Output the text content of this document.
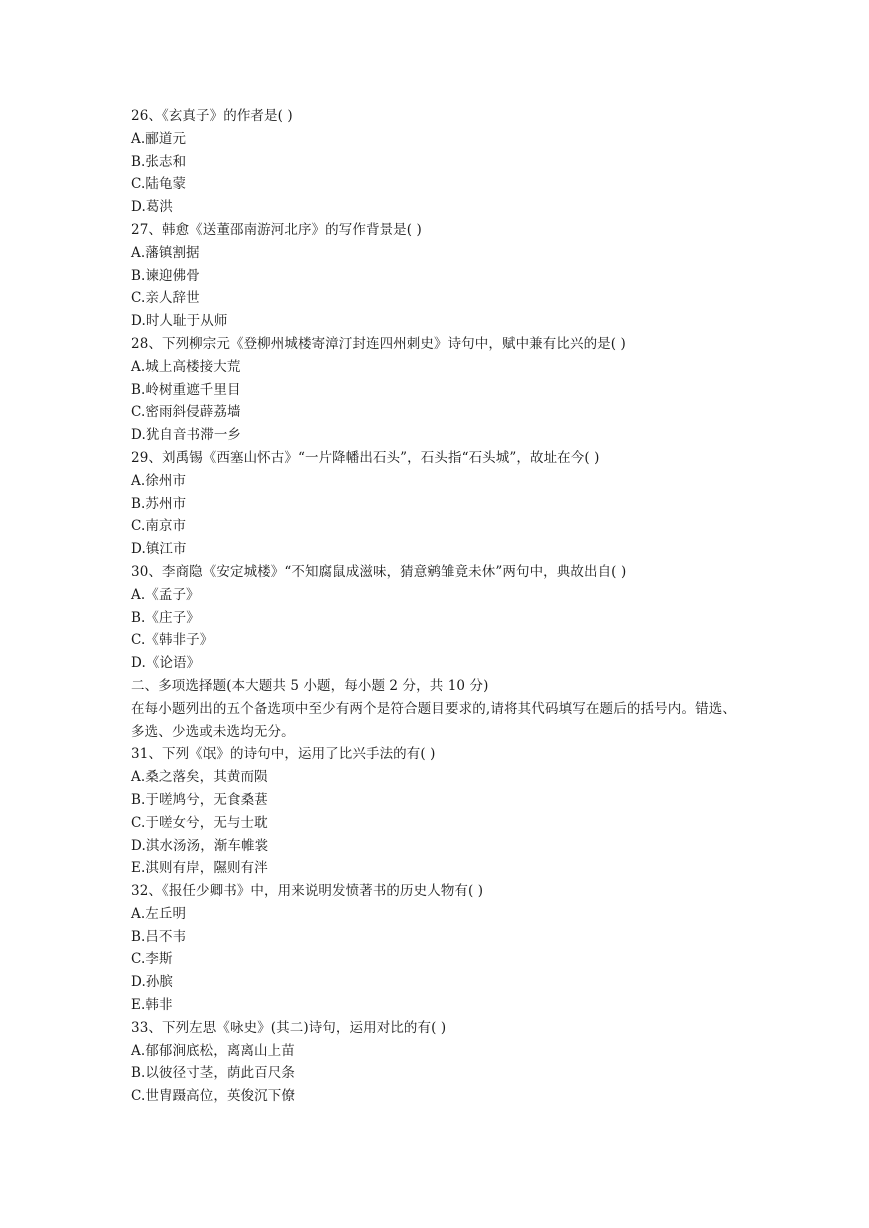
26、《玄真子》的作者是( )
A.郦道元
B.张志和
C.陆龟蒙
D.葛洪
27、韩愈《送董邵南游河北序》的写作背景是( )
A.藩镇割据
B.谏迎佛骨
C.亲人辞世
D.时人耻于从师
28、下列柳宗元《登柳州城楼寄漳汀封连四州刺史》诗句中，赋中兼有比兴的是( )
A.城上高楼接大荒
B.岭树重遮千里目
C.密雨斜侵薜荔墙
D.犹自音书滞一乡
29、刘禹锡《西塞山怀古》“一片降幡出石头”，石头指“石头城”，故址在今( )
A.徐州市
B.苏州市
C.南京市
D.镇江市
30、李商隐《安定城楼》“不知腐鼠成滋味，猜意鹓雏竟未休”两句中，典故出自( )
A.《孟子》
B.《庄子》
C.《韩非子》
D.《论语》
二、多项选择题(本大题共 5 小题，每小题 2 分，共 10 分)
在每小题列出的五个备选项中至少有两个是符合题目要求的,请将其代码填写在题后的括号内。错选、多选、少选或未选均无分。
31、下列《氓》的诗句中，运用了比兴手法的有( )
A.桑之落矣，其黄而陨
B.于嗟鸠兮，无食桑葚
C.于嗟女兮，无与士耽
D.淇水汤汤，渐车帷裳
E.淇则有岸，隰则有泮
32、《报任少卿书》中，用来说明发愤著书的历史人物有( )
A.左丘明
B.吕不韦
C.李斯
D.孙膑
E.韩非
33、下列左思《咏史》(其二)诗句，运用对比的有( )
A.郁郁涧底松，离离山上苗
B.以彼径寸茎，荫此百尺条
C.世胄蹑高位，英俊沉下僚
